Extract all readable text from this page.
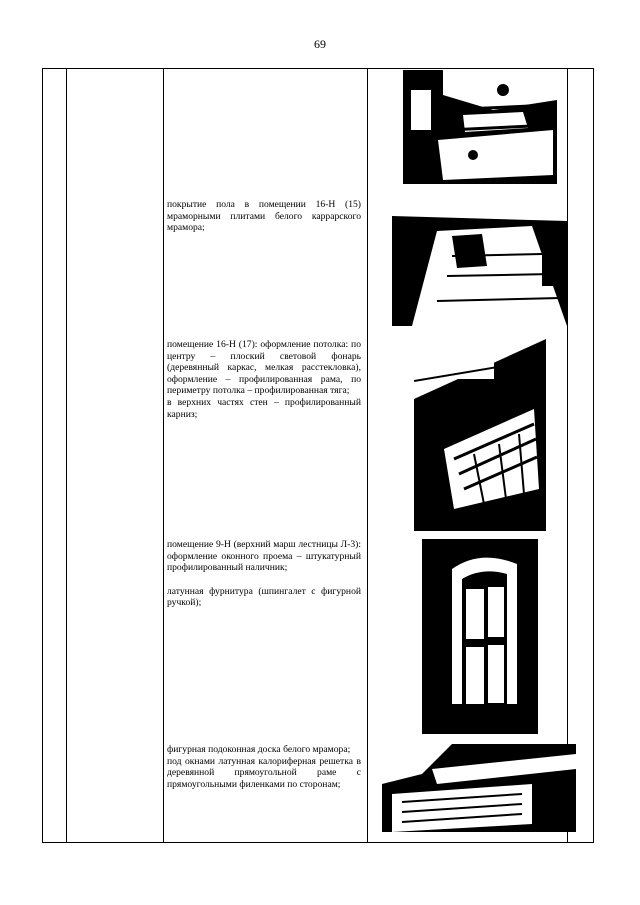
69

покрытие пола в помещении 16-Н (15) мраморными плитами белого каррарского мрамора;

помещение 16-Н (17): оформление потолка: по центру – плоский световой фонарь (деревянный каркас, мелкая расстекловка), оформление – профилированная рама, по периметру потолка – профилированная тяга;

в верхних частях стен – профилированный карниз;

помещение 9-Н (верхний марш лестницы Л-3): оформление оконного проема – штукатурный профилированный наличник;

латунная фурнитура (шпингалет с фигурной ручкой);

фигурная подоконная доска белого мрамора;

под окнами латунная калориферная решетка в деревянной прямоугольной раме с прямоугольными филенками по сторонам;
